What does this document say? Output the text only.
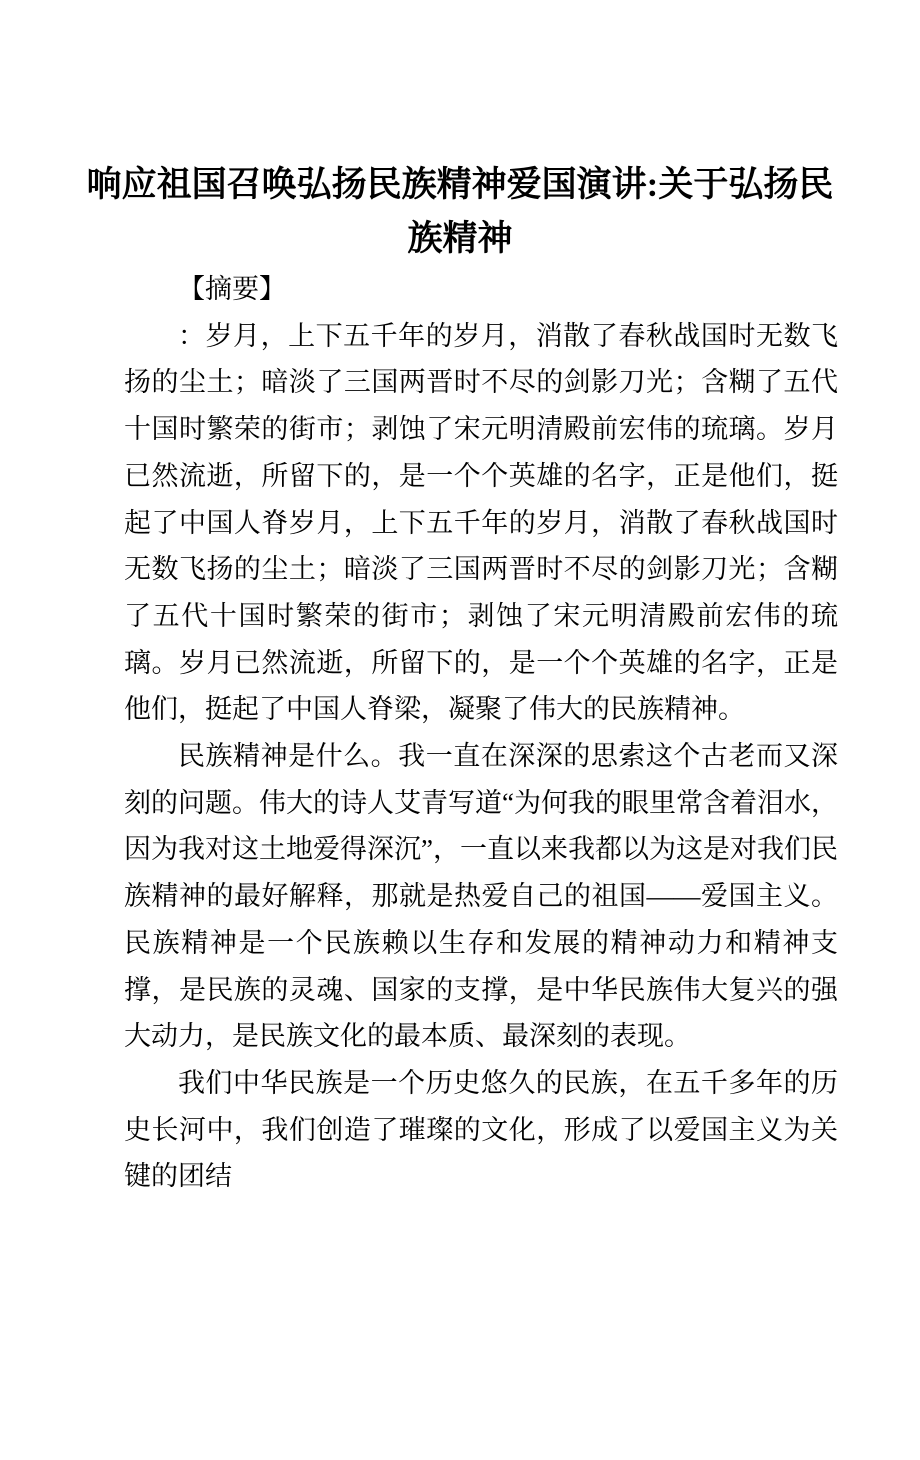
响应祖国召唤弘扬民族精神爱国演讲:关于弘扬民族精神

【摘要】

：岁月，上下五千年的岁月，消散了春秋战国时无数飞扬的尘土；暗淡了三国两晋时不尽的剑影刀光；含糊了五代十国时繁荣的街市；剥蚀了宋元明清殿前宏伟的琉璃。岁月已然流逝，所留下的，是一个个英雄的名字，正是他们，挺起了中国人脊岁月，上下五千年的岁月，消散了春秋战国时无数飞扬的尘土；暗淡了三国两晋时不尽的剑影刀光；含糊了五代十国时繁荣的街市；剥蚀了宋元明清殿前宏伟的琉璃。岁月已然流逝，所留下的，是一个个英雄的名字，正是他们，挺起了中国人脊梁，凝聚了伟大的民族精神。

民族精神是什么。我一直在深深的思索这个古老而又深刻的问题。伟大的诗人艾青写道“为何我的眼里常含着泪水，因为我对这土地爱得深沉”，一直以来我都以为这是对我们民族精神的最好解释，那就是热爱自己的祖国——爱国主义。民族精神是一个民族赖以生存和发展的精神动力和精神支撑，是民族的灵魂、国家的支撑，是中华民族伟大复兴的强大动力，是民族文化的最本质、最深刻的表现。

我们中华民族是一个历史悠久的民族，在五千多年的历史长河中，我们创造了璀璨的文化，形成了以爱国主义为关键的团结
